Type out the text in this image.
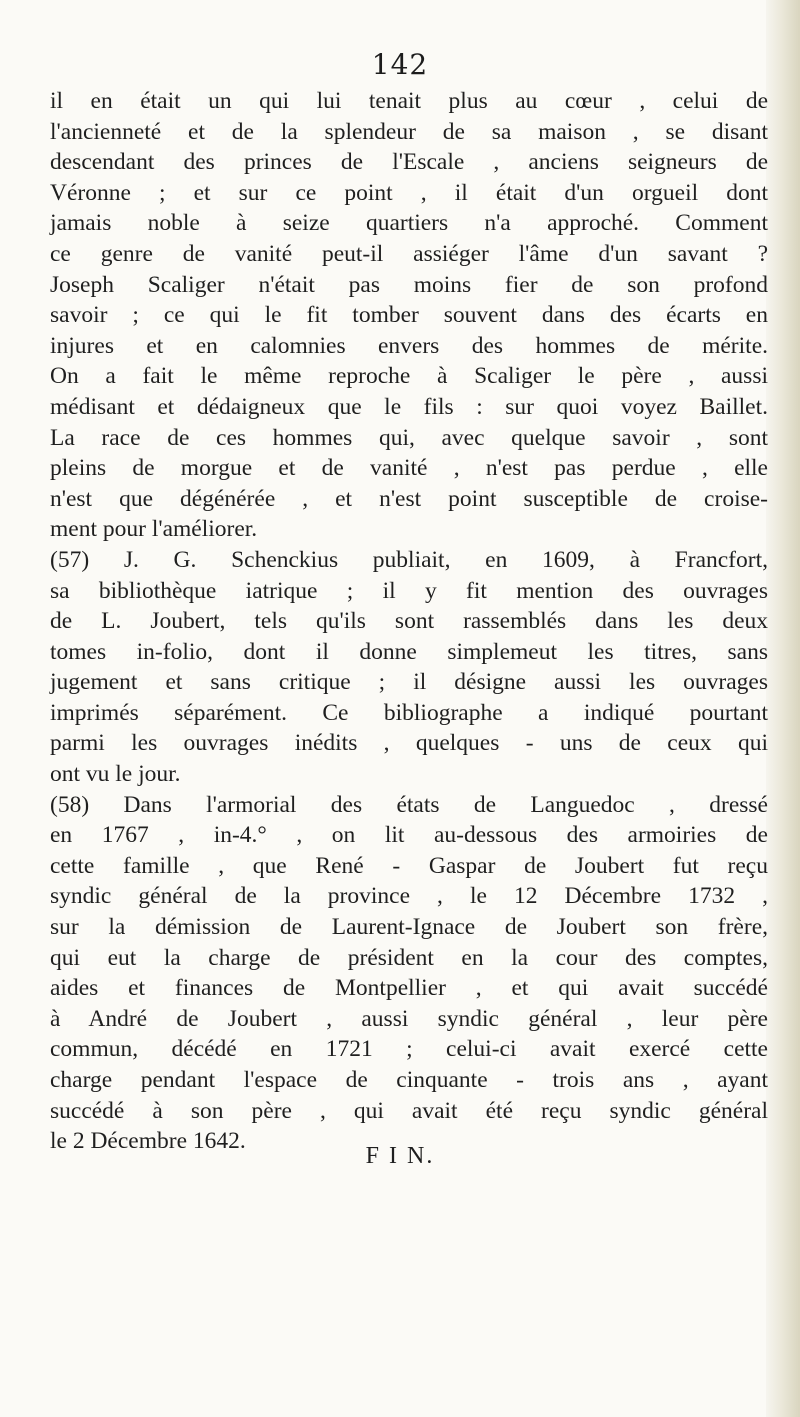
142
il en était un qui lui tenait plus au cœur , celui de
l'ancienneté et de la splendeur de sa maison , se disant
descendant des princes de l'Escale , anciens seigneurs de
Véronne ; et sur ce point , il était d'un orgueil dont
jamais noble à seize quartiers n'a approché. Comment
ce genre de vanité peut-il assiéger l'âme d'un savant ?
Joseph Scaliger n'était pas moins fier de son profond
savoir ; ce qui le fit tomber souvent dans des écarts en
injures et en calomnies envers des hommes de mérite.
On a fait le même reproche à Scaliger le père , aussi
médisant et dédaigneux que le fils : sur quoi voyez Baillet.
La race de ces hommes qui, avec quelque savoir , sont
pleins de morgue et de vanité , n'est pas perdue , elle
n'est que dégénérée , et n'est point susceptible de croise-
ment pour l'améliorer.
(57) J. G. Schenckius publiait, en 1609, à Francfort,
sa bibliothèque iatrique ; il y fit mention des ouvrages
de L. Joubert, tels qu'ils sont rassemblés dans les deux
tomes in-folio, dont il donne simplemeut les titres, sans
jugement et sans critique ; il désigne aussi les ouvrages
imprimés séparément. Ce bibliographe a indiqué pourtant
parmi les ouvrages inédits , quelques - uns de ceux qui
ont vu le jour.
(58) Dans l'armorial des états de Languedoc , dressé
en 1767 , in-4.° , on lit au-dessous des armoiries de
cette famille , que René - Gaspar de Joubert fut reçu
syndic général de la province , le 12 Décembre 1732 ,
sur la démission de Laurent-Ignace de Joubert son frère,
qui eut la charge de président en la cour des comptes,
aides et finances de Montpellier , et qui avait succédé
à André de Joubert , aussi syndic général , leur père
commun, décédé en 1721 ; celui-ci avait exercé cette
charge pendant l'espace de cinquante - trois ans , ayant
succédé à son père , qui avait été reçu syndic général
le 2 Décembre 1642.
F I N.
